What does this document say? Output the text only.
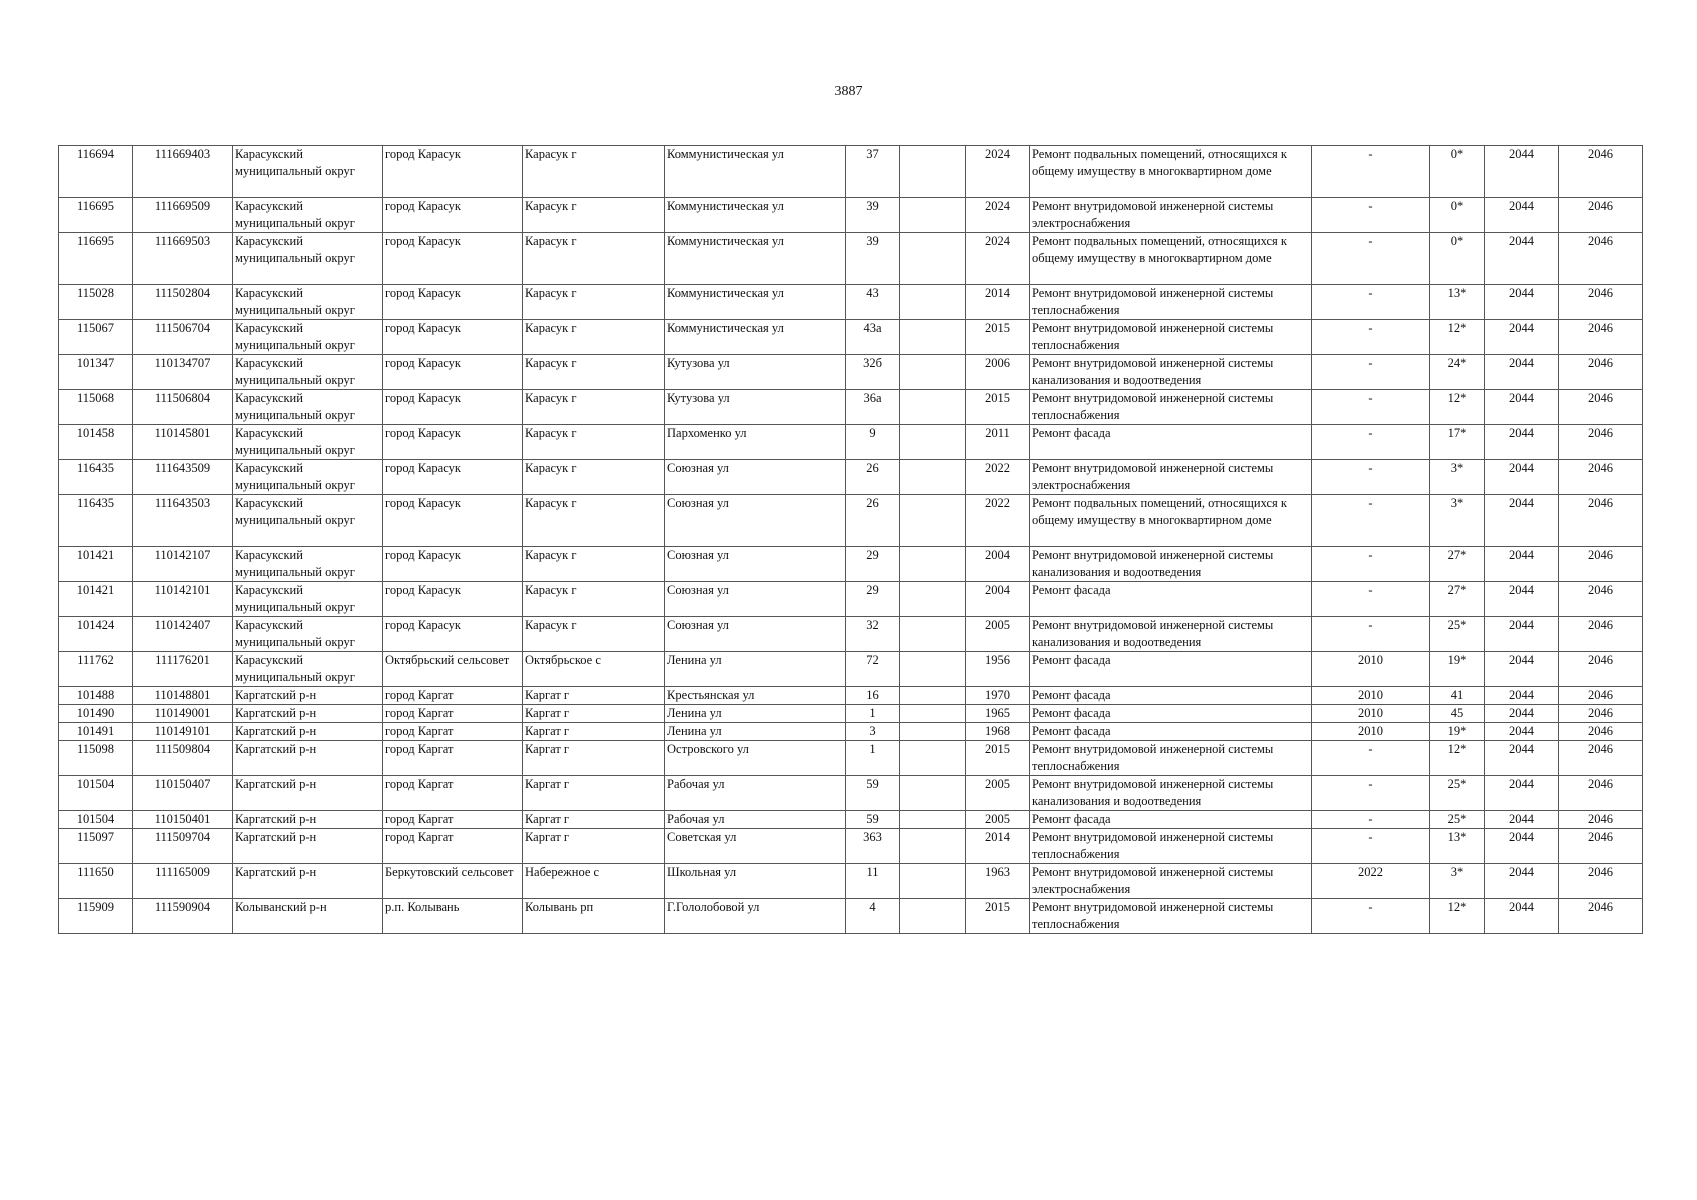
3887
116694	111669403	Карасукский муниципальный округ	город Карасук	Карасук г	Коммунистическая ул	37		2024	Ремонт подвальных помещений, относящихся к общему имуществу в многоквартирном доме	-	0*	2044	2046
116695	111669509	Карасукский муниципальный округ	город Карасук	Карасук г	Коммунистическая ул	39		2024	Ремонт внутридомовой инженерной системы электроснабжения	-	0*	2044	2046
116695	111669503	Карасукский муниципальный округ	город Карасук	Карасук г	Коммунистическая ул	39		2024	Ремонт подвальных помещений, относящихся к общему имуществу в многоквартирном доме	-	0*	2044	2046
115028	111502804	Карасукский муниципальный округ	город Карасук	Карасук г	Коммунистическая ул	43		2014	Ремонт внутридомовой инженерной системы теплоснабжения	-	13*	2044	2046
115067	111506704	Карасукский муниципальный округ	город Карасук	Карасук г	Коммунистическая ул	43а		2015	Ремонт внутридомовой инженерной системы теплоснабжения	-	12*	2044	2046
101347	110134707	Карасукский муниципальный округ	город Карасук	Карасук г	Кутузова ул	32б		2006	Ремонт внутридомовой инженерной системы канализования и водоотведения	-	24*	2044	2046
115068	111506804	Карасукский муниципальный округ	город Карасук	Карасук г	Кутузова ул	36а		2015	Ремонт внутридомовой инженерной системы теплоснабжения	-	12*	2044	2046
101458	110145801	Карасукский муниципальный округ	город Карасук	Карасук г	Пархоменко ул	9		2011	Ремонт фасада	-	17*	2044	2046
116435	111643509	Карасукский муниципальный округ	город Карасук	Карасук г	Союзная ул	26		2022	Ремонт внутридомовой инженерной системы электроснабжения	-	3*	2044	2046
116435	111643503	Карасукский муниципальный округ	город Карасук	Карасук г	Союзная ул	26		2022	Ремонт подвальных помещений, относящихся к общему имуществу в многоквартирном доме	-	3*	2044	2046
101421	110142107	Карасукский муниципальный округ	город Карасук	Карасук г	Союзная ул	29		2004	Ремонт внутридомовой инженерной системы канализования и водоотведения	-	27*	2044	2046
101421	110142101	Карасукский муниципальный округ	город Карасук	Карасук г	Союзная ул	29		2004	Ремонт фасада	-	27*	2044	2046
101424	110142407	Карасукский муниципальный округ	город Карасук	Карасук г	Союзная ул	32		2005	Ремонт внутридомовой инженерной системы канализования и водоотведения	-	25*	2044	2046
111762	111176201	Карасукский муниципальный округ	Октябрьский сельсовет	Октябрьское с	Ленина ул	72		1956	Ремонт фасада	2010	19*	2044	2046
101488	110148801	Каргатский р-н	город Каргат	Каргат г	Крестьянская ул	16		1970	Ремонт фасада	2010	41	2044	2046
101490	110149001	Каргатский р-н	город Каргат	Каргат г	Ленина ул	1		1965	Ремонт фасада	2010	45	2044	2046
101491	110149101	Каргатский р-н	город Каргат	Каргат г	Ленина ул	3		1968	Ремонт фасада	2010	19*	2044	2046
115098	111509804	Каргатский р-н	город Каргат	Каргат г	Островского ул	1		2015	Ремонт внутридомовой инженерной системы теплоснабжения	-	12*	2044	2046
101504	110150407	Каргатский р-н	город Каргат	Каргат г	Рабочая ул	59		2005	Ремонт внутридомовой инженерной системы канализования и водоотведения	-	25*	2044	2046
101504	110150401	Каргатский р-н	город Каргат	Каргат г	Рабочая ул	59		2005	Ремонт фасада	-	25*	2044	2046
115097	111509704	Каргатский р-н	город Каргат	Каргат г	Советская ул	363		2014	Ремонт внутридомовой инженерной системы теплоснабжения	-	13*	2044	2046
111650	111165009	Каргатский р-н	Беркутовский сельсовет	Набережное с	Школьная ул	11		1963	Ремонт внутридомовой инженерной системы электроснабжения	2022	3*	2044	2046
115909	111590904	Колыванский р-н	р.п. Колывань	Колывань рп	Г.Гололобовой ул	4		2015	Ремонт внутридомовой инженерной системы теплоснабжения	-	12*	2044	2046
